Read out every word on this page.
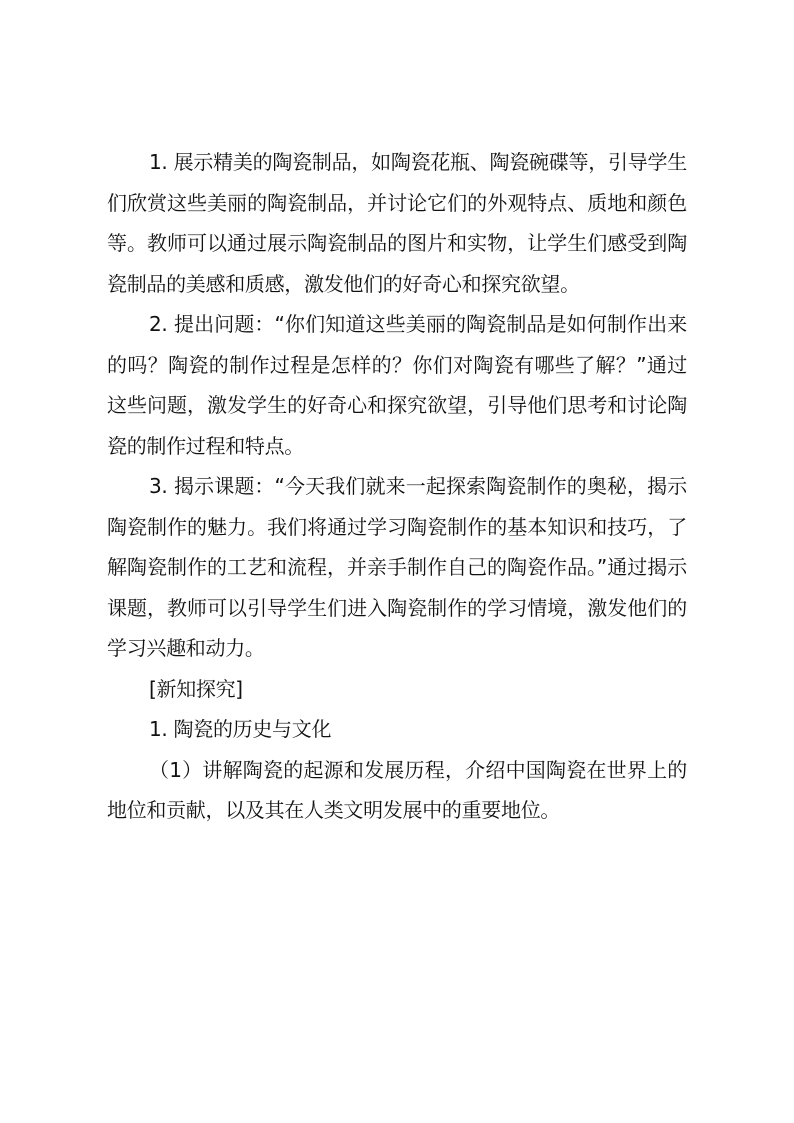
1. 展示精美的陶瓷制品，如陶瓷花瓶、陶瓷碗碟等，引导学生们欣赏这些美丽的陶瓷制品，并讨论它们的外观特点、质地和颜色等。教师可以通过展示陶瓷制品的图片和实物，让学生们感受到陶瓷制品的美感和质感，激发他们的好奇心和探究欲望。

2. 提出问题：“你们知道这些美丽的陶瓷制品是如何制作出来的吗？陶瓷的制作过程是怎样的？你们对陶瓷有哪些了解？”通过这些问题，激发学生的好奇心和探究欲望，引导他们思考和讨论陶瓷的制作过程和特点。

3. 揭示课题：“今天我们就来一起探索陶瓷制作的奥秘，揭示陶瓷制作的魅力。我们将通过学习陶瓷制作的基本知识和技巧，了解陶瓷制作的工艺和流程，并亲手制作自己的陶瓷作品。”通过揭示课题，教师可以引导学生们进入陶瓷制作的学习情境，激发他们的学习兴趣和动力。

[新知探究]

1. 陶瓷的历史与文化

（1）讲解陶瓷的起源和发展历程，介绍中国陶瓷在世界上的地位和贡献，以及其在人类文明发展中的重要地位。
